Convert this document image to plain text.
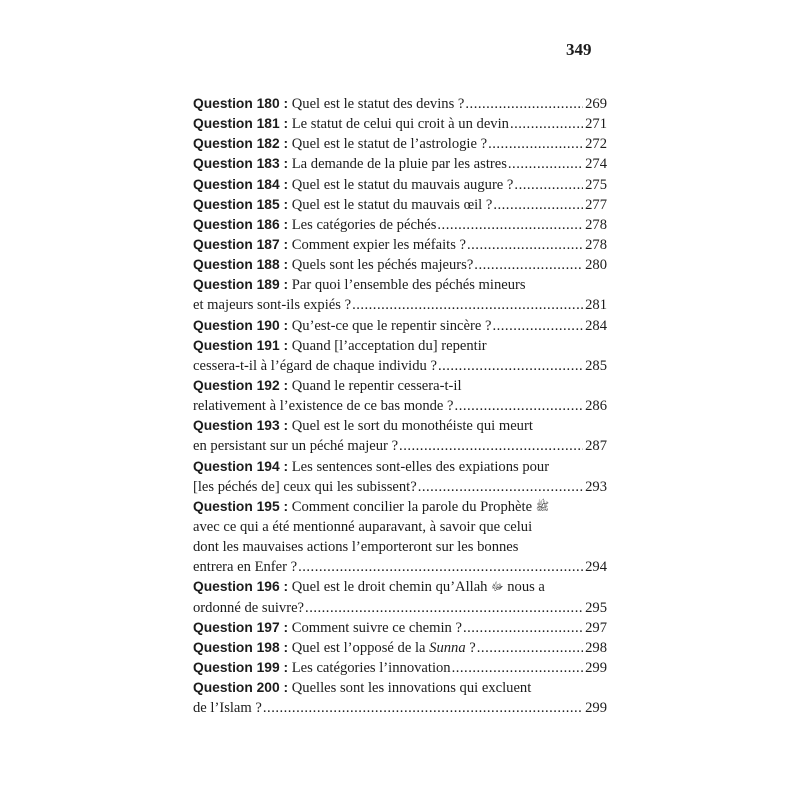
349
Question 180 : Quel est le statut des devins ? .....	269
Question 181 : Le statut de celui qui croit à un devin .....	271
Question 182 : Quel est le statut de l’astrologie ? .....	272
Question 183 : La demande de la pluie par les astres .....	274
Question 184 : Quel est le statut du mauvais augure ? .....	275
Question 185 : Quel est le statut du mauvais œil ? .....	277
Question 186 : Les catégories de péchés .....	278
Question 187 : Comment expier les méfaits ? .....	278
Question 188 : Quels sont les péchés majeurs? .....	280
Question 189 : Par quoi l’ensemble des péchés mineurs
et majeurs sont-ils expiés ? .....	281
Question 190 : Qu’est-ce que le repentir sincère ? .....	284
Question 191 : Quand [l’acceptation du] repentir
cessera-t-il à l’égard de chaque individu ? .....	285
Question 192 : Quand le repentir cessera-t-il
relativement à l’existence de ce bas monde ? .....	286
Question 193 : Quel est le sort du monothéiste qui meurt
en persistant sur un péché majeur ? .....	287
Question 194 : Les sentences sont-elles des expiations pour
[les péchés de] ceux qui les subissent? .....	293
Question 195 : Comment concilier la parole du Prophète ﷺ
avec ce qui a été mentionné auparavant, à savoir que celui
dont les mauvaises actions l’emporteront sur les bonnes
entrera en Enfer ? .....	294
Question 196 : Quel est le droit chemin qu’Allah ﷻ nous a
ordonné de suivre? .....	295
Question 197 : Comment suivre ce chemin ? .....	297
Question 198 : Quel est l’opposé de la Sunna ? .....	298
Question 199 : Les catégories l’innovation .....	299
Question 200 : Quelles sont les innovations qui excluent
de l’Islam ? .....	299
